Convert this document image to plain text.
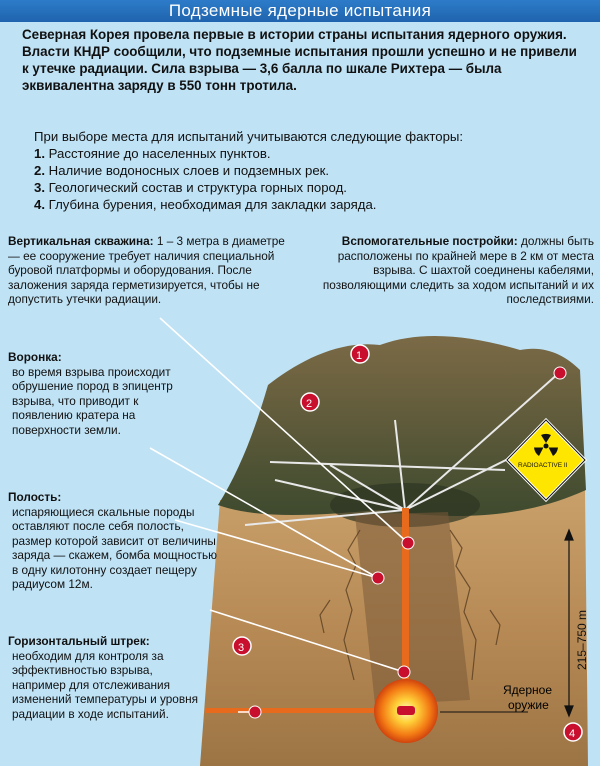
Подземные ядерные испытания
Северная Корея провела первые в истории страны испытания ядерного оружия. Власти КНДР сообщили, что подземные испытания прошли успешно и не привели к утечке радиации. Сила взрыва — 3,6 балла по шкале Рихтера — была эквивалентна заряду в 550 тонн тротила.
При выборе места для испытаний учитываются следующие факторы:
1. Расстояние до населенных пунктов.
2. Наличие водоносных слоев и подземных рек.
3. Геологический состав и структура горных пород.
4. Глубина бурения, необходимая для закладки заряда.
215–750 m
Ядерное
оружие
1
2
3
4
RADIOACTIVE II
Вертикальная скважина: 1 – 3 метра в диаметре — ее сооружение требует наличия специальной буровой платформы и оборудования. После заложения заряда герметизируется, чтобы не допустить утечки радиации.
Вспомогательные постройки: должны быть расположены по крайней мере в 2 км от места взрыва. С шахтой соединены кабелями, позволяющими следить за ходом испытаний и их последствиями.
Воронка:
во время взрыва происходит обрушение пород в эпицентр взрыва, что приводит к появлению кратера на поверхности земли.
Полость:
испаряющиеся скальные породы оставляют после себя полость, размер которой зависит от величины заряда — скажем, бомба мощностью в одну килотонну создает пещеру радиусом 12м.
Горизонтальный штрек:
необходим для контроля за эффективностью взрыва, например для отслеживания изменений температуры и уровня радиации в ходе испытаний.
